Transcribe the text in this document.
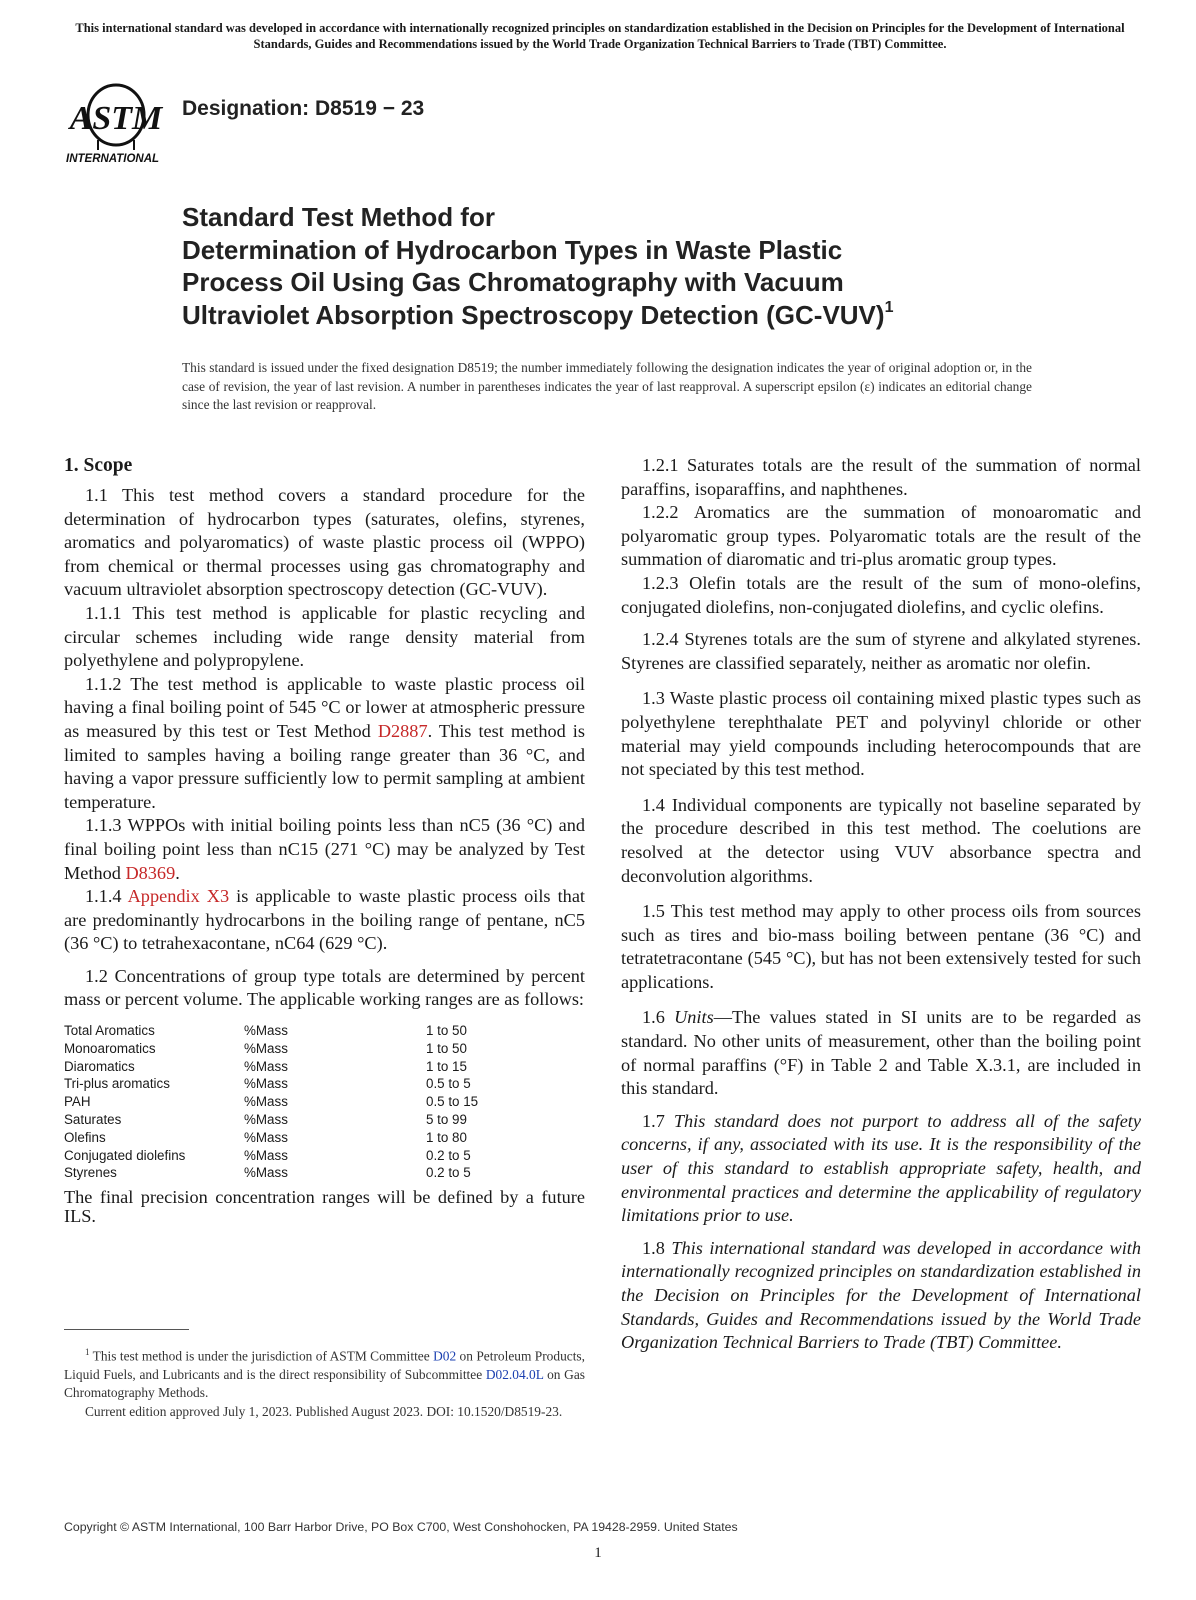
This international standard was developed in accordance with internationally recognized principles on standardization established in the Decision on Principles for the Development of International Standards, Guides and Recommendations issued by the World Trade Organization Technical Barriers to Trade (TBT) Committee.
ASTM
INTERNATIONAL
Designation: D8519 − 23
Standard Test Method for
Determination of Hydrocarbon Types in Waste Plastic
Process Oil Using Gas Chromatography with Vacuum
Ultraviolet Absorption Spectroscopy Detection $(GC-VUV)^1$
This standard is issued under the fixed designation D8519; the number immediately following the designation indicates the year of original adoption or, in the case of revision, the year of last revision. A number in parentheses indicates the year of last reapproval. A superscript epsilon (ε) indicates an editorial change since the last revision or reapproval.
1. Scope

1.1 This test method covers a standard procedure for the determination of hydrocarbon types (saturates, olefins, styrenes, aromatics and polyaromatics) of waste plastic process oil (WPPO) from chemical or thermal processes using gas chromatography and vacuum ultraviolet absorption spectroscopy detection (GC-VUV).

1.1.1 This test method is applicable for plastic recycling and circular schemes including wide range density material from polyethylene and polypropylene.

1.1.2 The test method is applicable to waste plastic process oil having a final boiling point of 545 °C or lower at atmospheric pressure as measured by this test or Test Method D2887. This test method is limited to samples having a boiling range greater than 36 °C, and having a vapor pressure sufficiently low to permit sampling at ambient temperature.

1.1.3 WPPOs with initial boiling points less than nC5 (36 °C) and final boiling point less than nC15 (271 °C) may be analyzed by Test Method D8369.

1.1.4 Appendix X3 is applicable to waste plastic process oils that are predominantly hydrocarbons in the boiling range of pentane, nC5 (36 °C) to tetrahexacontane, nC64 (629 °C).

1.2 Concentrations of group type totals are determined by percent mass or percent volume. The applicable working ranges are as follows:

Total Aromatics	%Mass	1 to 50
Monoaromatics	%Mass	1 to 50
Diaromatics	%Mass	1 to 15
Tri-plus aromatics	%Mass	0.5 to 5
PAH	%Mass	0.5 to 15
Saturates	%Mass	5 to 99
Olefins	%Mass	1 to 80
Conjugated diolefins	%Mass	0.2 to 5
Styrenes	%Mass	0.2 to 5

The final precision concentration ranges will be defined by a future ILS.

1.2.1 Saturates totals are the result of the summation of normal paraffins, isoparaffins, and naphthenes.

1.2.2 Aromatics are the summation of monoaromatic and polyaromatic group types. Polyaromatic totals are the result of the summation of diaromatic and tri-plus aromatic group types.

1.2.3 Olefin totals are the result of the sum of mono-olefins, conjugated diolefins, non-conjugated diolefins, and cyclic olefins.

1.2.4 Styrenes totals are the sum of styrene and alkylated styrenes. Styrenes are classified separately, neither as aromatic nor olefin.

1.3 Waste plastic process oil containing mixed plastic types such as polyethylene terephthalate PET and polyvinyl chloride or other material may yield compounds including heterocompounds that are not speciated by this test method.

1.4 Individual components are typically not baseline separated by the procedure described in this test method. The coelutions are resolved at the detector using VUV absorbance spectra and deconvolution algorithms.

1.5 This test method may apply to other process oils from sources such as tires and bio-mass boiling between pentane (36 °C) and tetratetracontane (545 °C), but has not been extensively tested for such applications.

1.6 Units—The values stated in SI units are to be regarded as standard. No other units of measurement, other than the boiling point of normal paraffins (°F) in Table 2 and Table X.3.1, are included in this standard.

1.7 This standard does not purport to address all of the safety concerns, if any, associated with its use. It is the responsibility of the user of this standard to establish appropriate safety, health, and environmental practices and determine the applicability of regulatory limitations prior to use.

1.8 This international standard was developed in accordance with internationally recognized principles on standardization established in the Decision on Principles for the Development of International Standards, Guides and Recommendations issued by the World Trade Organization Technical Barriers to Trade (TBT) Committee.

$^1$ This test method is under the jurisdiction of ASTM Committee D02 on Petroleum Products, Liquid Fuels, and Lubricants and is the direct responsibility of Subcommittee D02.04.0L on Gas Chromatography Methods.

Current edition approved July 1, 2023. Published August 2023. DOI: 10.1520/D8519-23.

Copyright © ASTM International, 100 Barr Harbor Drive, PO Box C700, West Conshohocken, PA 19428-2959. United States
1
